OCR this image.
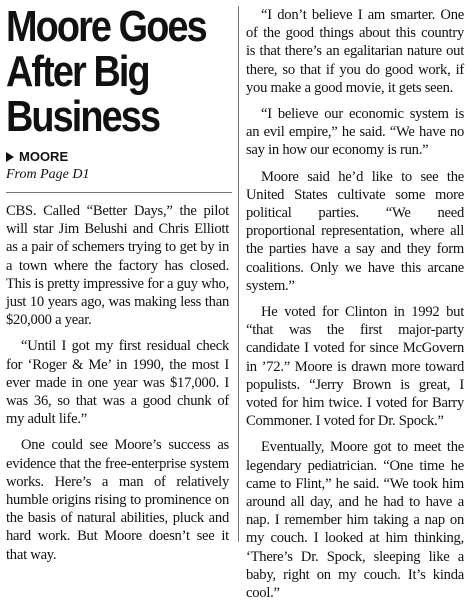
Moore Goes
After Big
Business
MOORE
From Page D1

CBS. Called “Better Days,” the pilot will star Jim Belushi and Chris Elliott as a pair of schemers trying to get by in a town where the factory has closed. This is pretty impressive for a guy who, just 10 years ago, was making less than $20,000 a year.

“Until I got my first residual check for ‘Roger & Me’ in 1990, the most I ever made in one year was $17,000. I was 36, so that was a good chunk of my adult life.”

One could see Moore’s success as evidence that the free-enterprise system works. Here’s a man of relatively humble origins rising to prominence on the basis of natural abilities, pluck and hard work. But Moore doesn’t see it that way.

“I don’t believe I am smarter. One of the good things about this country is that there’s an egalitarian nature out there, so that if you do good work, if you make a good movie, it gets seen.

“I believe our economic system is an evil empire,” he said. “We have no say in how our economy is run.”

Moore said he’d like to see the United States cultivate some more political parties. “We need proportional representation, where all the parties have a say and they form coalitions. Only we have this arcane system.”

He voted for Clinton in 1992 but “that was the first major-party candidate I voted for since McGovern in ’72.” Moore is drawn more toward populists. “Jerry Brown is great, I voted for him twice. I voted for Barry Commoner. I voted for Dr. Spock.”

Eventually, Moore got to meet the legendary pediatrician. “One time he came to Flint,” he said. “We took him around all day, and he had to have a nap. I remember him taking a nap on my couch. I looked at him thinking, ‘There’s Dr. Spock, sleeping like a baby, right on my couch. It’s kinda cool.”
